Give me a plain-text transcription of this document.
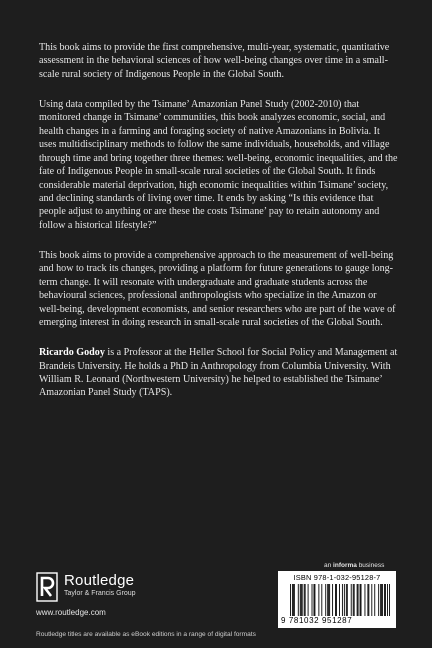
This book aims to provide the first comprehensive, multi-year, systematic, quantitative assessment in the behavioral sciences of how well-being changes over time in a small-scale rural society of Indigenous People in the Global South.

Using data compiled by the Tsimane’ Amazonian Panel Study (2002-2010) that monitored change in Tsimane’ communities, this book analyzes economic, social, and health changes in a farming and foraging society of native Amazonians in Bolivia. It uses multidisciplinary methods to follow the same individuals, households, and village through time and bring together three themes: well-being, economic inequalities, and the fate of Indigenous People in small-scale rural societies of the Global South. It finds considerable material deprivation, high economic inequalities within Tsimane’ society, and declining standards of living over time. It ends by asking “Is this evidence that people adjust to anything or are these the costs Tsimane’ pay to retain autonomy and follow a historical lifestyle?”

This book aims to provide a comprehensive approach to the measurement of well-being and how to track its changes, providing a platform for future generations to gauge long-term change. It will resonate with undergraduate and graduate students across the behavioural sciences, professional anthropologists who specialize in the Amazon or well-being, development economists, and senior researchers who are part of the wave of emerging interest in doing research in small-scale rural societies of the Global South.

Ricardo Godoy is a Professor at the Heller School for Social Policy and Management at Brandeis University. He holds a PhD in Anthropology from Columbia University. With William R. Leonard (Northwestern University) he helped to established the Tsimane’ Amazonian Panel Study (TAPS).

Routledge
Taylor & Francis Group
www.routledge.com
Routledge titles are available as eBook editions in a range of digital formats
an informa business
ISBN 978-1-032-95128-7
9 781032 951287
